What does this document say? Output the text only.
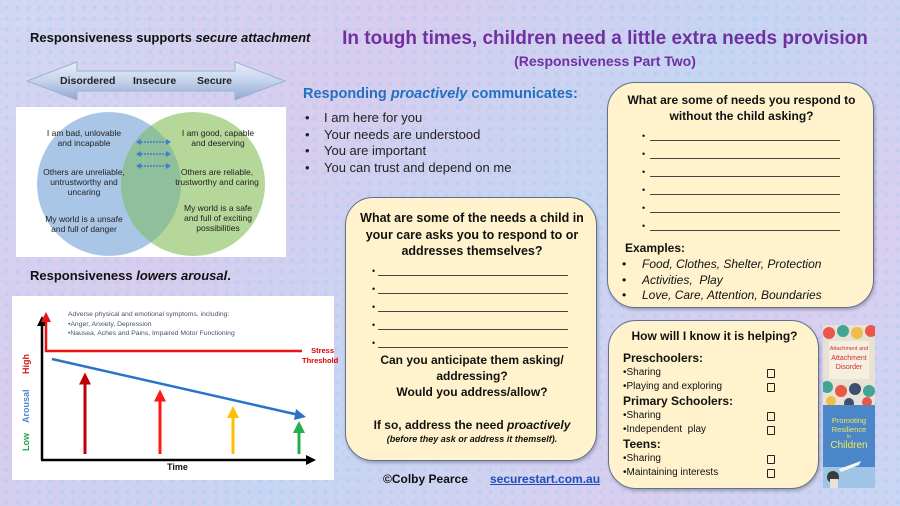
Responsiveness supports secure attachment
Disordered Insecure Secure
I am bad, unlovable and incapable
Others are unreliable, untrustworthy and uncaring
My world is a unsafe and full of danger
I am good, capable and deserving
Others are reliable, trustworthy and caring
My world is a safe and full of exciting possibilities
Responsiveness lowers arousal.
Adverse physical and emotional symptoms, including:
•Anger, Anxiety, Depression
•Nausea, Aches and Pains, Impaired Motor Functioning
Stress
Threshold
High
Arousal
Low
Time
In tough times, children need a little extra needs provision
(Responsiveness Part Two)
Responding proactively communicates:
• I am here for you
• Your needs are understood
• You are important
• You can trust and depend on me
What are some of the needs a child in your care asks you to respond to or addresses themselves?
•
•
•
•
•
Can you anticipate them asking/ addressing?
Would you address/allow?
If so, address the need proactively
(before they ask or address it themself).
What are some of needs you respond to without the child asking?
•
•
•
•
•
•
Examples:
• Food, Clothes, Shelter, Protection
• Activities,  Play
• Love, Care, Attention, Boundaries
How will I know it is helping?
Preschoolers:
•Sharing
•Playing and exploring
Primary Schoolers:
•Sharing
•Independent  play
Teens:
•Sharing
•Maintaining interests
Attachment and
Attachment
Disorder
Promoting
Resilience
in
Children
©Colby Pearce securestart.com.au
